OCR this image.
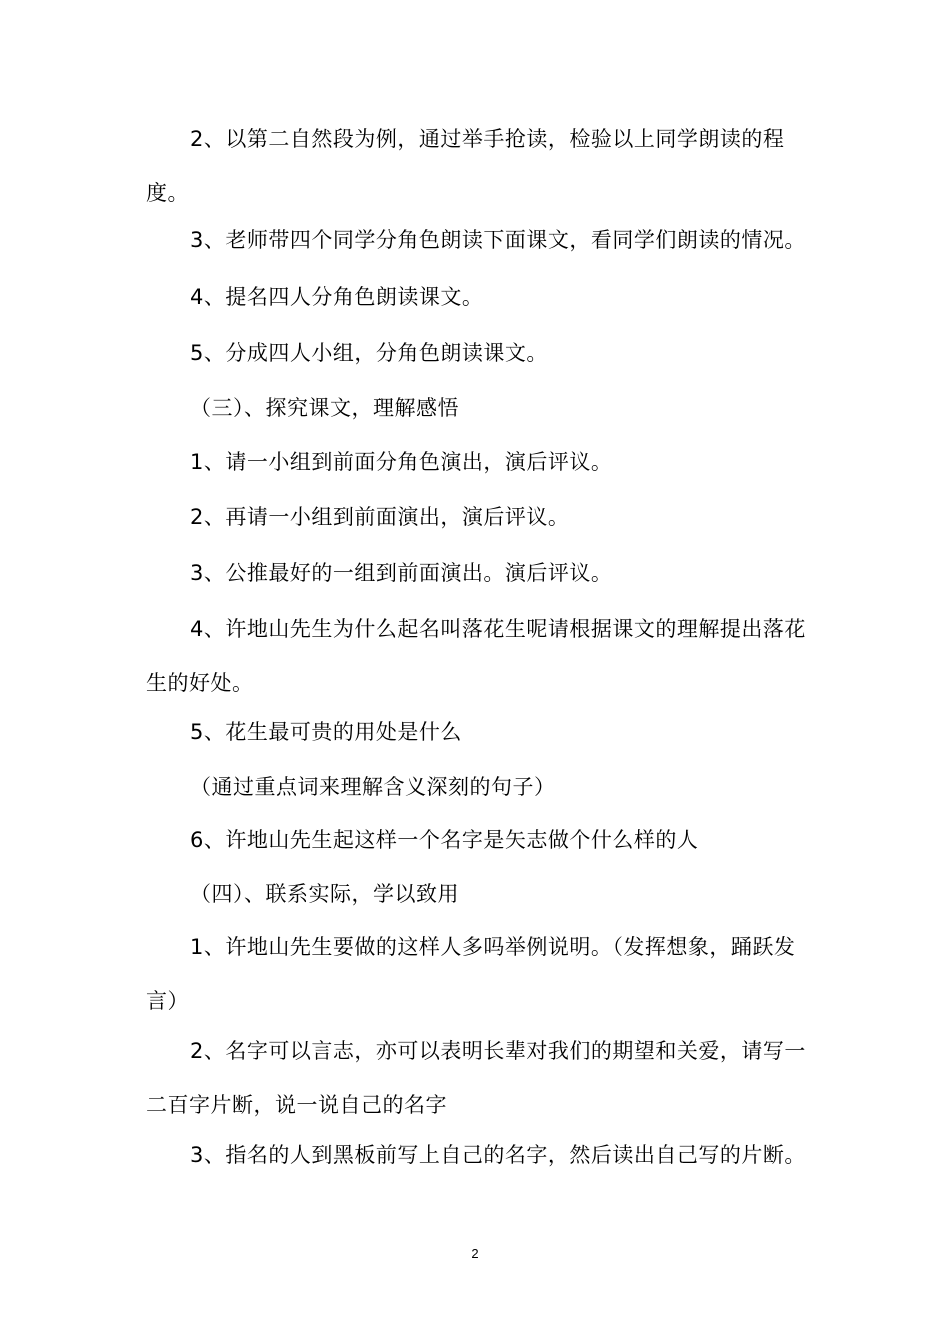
2、以第二自然段为例，通过举手抢读，检验以上同学朗读的程度。

3、老师带四个同学分角色朗读下面课文，看同学们朗读的情况。

4、提名四人分角色朗读课文。

5、分成四人小组，分角色朗读课文。

（三）、探究课文，理解感悟

1、请一小组到前面分角色演出，演后评议。

2、再请一小组到前面演出，演后评议。

3、公推最好的一组到前面演出。演后评议。

4、许地山先生为什么起名叫落花生呢请根据课文的理解提出落花生的好处。

5、花生最可贵的用处是什么

（通过重点词来理解含义深刻的句子）

6、许地山先生起这样一个名字是矢志做个什么样的人

（四）、联系实际，学以致用

1、许地山先生要做的这样人多吗举例说明。（发挥想象，踊跃发言）

2、名字可以言志，亦可以表明长辈对我们的期望和关爱，请写一二百字片断，说一说自己的名字

3、指名的人到黑板前写上自己的名字，然后读出自己写的片断。

2
